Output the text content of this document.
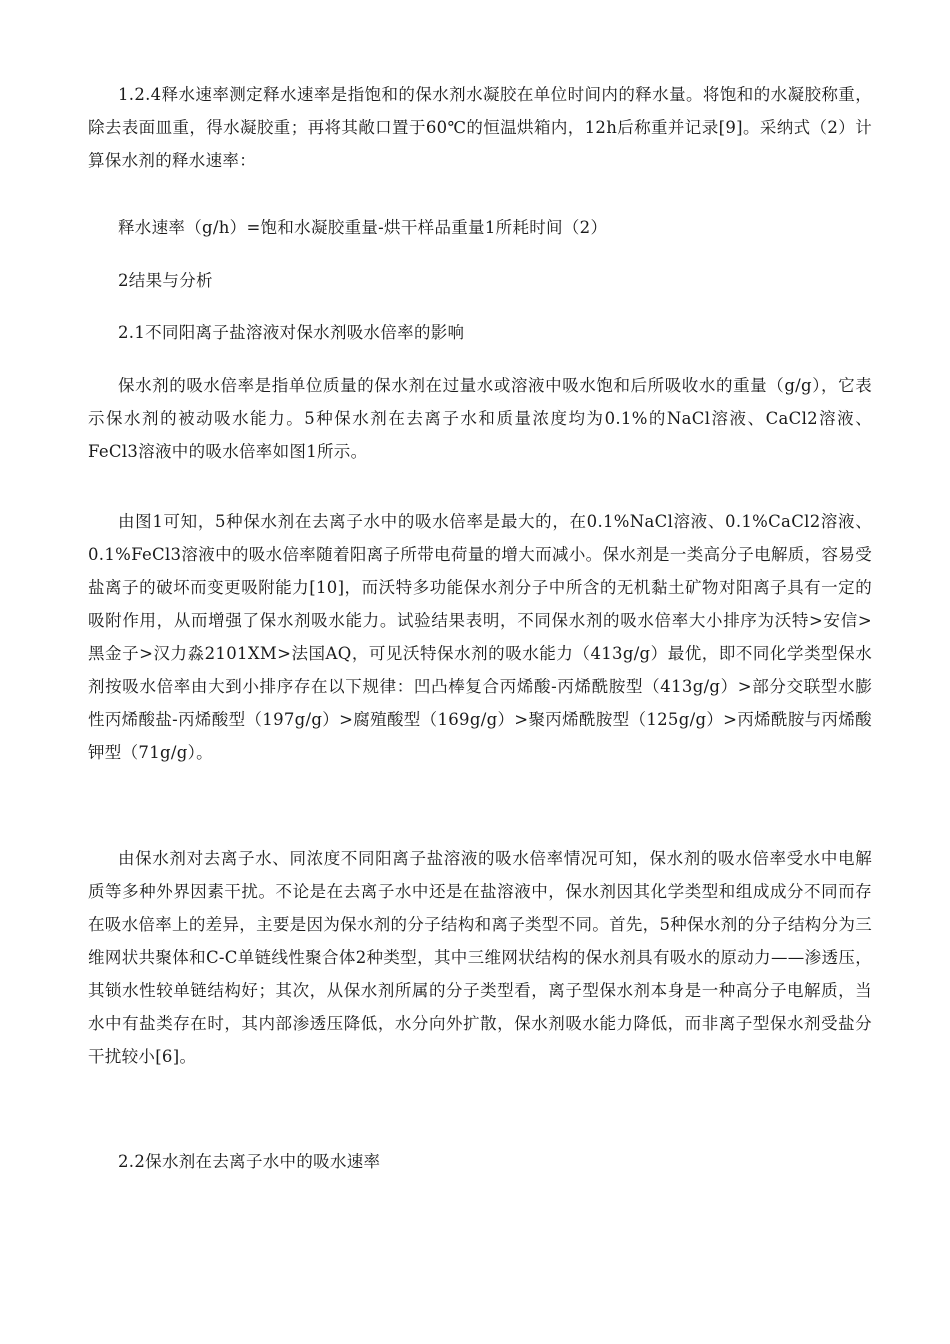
1.2.4释水速率测定释水速率是指饱和的保水剂水凝胶在单位时间内的释水量。将饱和的水凝胶称重，除去表面皿重，得水凝胶重；再将其敞口置于60℃的恒温烘箱内，12h后称重并记录[9]。采纳式（2）计算保水剂的释水速率：

释水速率（g/h）=饱和水凝胶重量-烘干样品重量1所耗时间（2）

2结果与分析

2.1不同阳离子盐溶液对保水剂吸水倍率的影响

保水剂的吸水倍率是指单位质量的保水剂在过量水或溶液中吸水饱和后所吸收水的重量（g/g），它表示保水剂的被动吸水能力。5种保水剂在去离子水和质量浓度均为0.1%的NaCl溶液、CaCl2溶液、FeCl3溶液中的吸水倍率如图1所示。

由图1可知，5种保水剂在去离子水中的吸水倍率是最大的，在0.1%NaCl溶液、0.1%CaCl2溶液、0.1%FeCl3溶液中的吸水倍率随着阳离子所带电荷量的增大而减小。保水剂是一类高分子电解质，容易受盐离子的破坏而变更吸附能力[10]，而沃特多功能保水剂分子中所含的无机黏土矿物对阳离子具有一定的吸附作用，从而增强了保水剂吸水能力。试验结果表明，不同保水剂的吸水倍率大小排序为沃特>安信>黑金子>汉力淼2101XM>法国AQ，可见沃特保水剂的吸水能力（413g/g）最优，即不同化学类型保水剂按吸水倍率由大到小排序存在以下规律：凹凸棒复合丙烯酸-丙烯酰胺型（413g/g）>部分交联型水膨性丙烯酸盐-丙烯酸型（197g/g）>腐殖酸型（169g/g）>聚丙烯酰胺型（125g/g）>丙烯酰胺与丙烯酸钾型（71g/g）。

由保水剂对去离子水、同浓度不同阳离子盐溶液的吸水倍率情况可知，保水剂的吸水倍率受水中电解质等多种外界因素干扰。不论是在去离子水中还是在盐溶液中，保水剂因其化学类型和组成成分不同而存在吸水倍率上的差异，主要是因为保水剂的分子结构和离子类型不同。首先，5种保水剂的分子结构分为三维网状共聚体和C-C单链线性聚合体2种类型，其中三维网状结构的保水剂具有吸水的原动力——渗透压，其锁水性较单链结构好；其次，从保水剂所属的分子类型看，离子型保水剂本身是一种高分子电解质，当水中有盐类存在时，其内部渗透压降低，水分向外扩散，保水剂吸水能力降低，而非离子型保水剂受盐分干扰较小[6]。

2.2保水剂在去离子水中的吸水速率
